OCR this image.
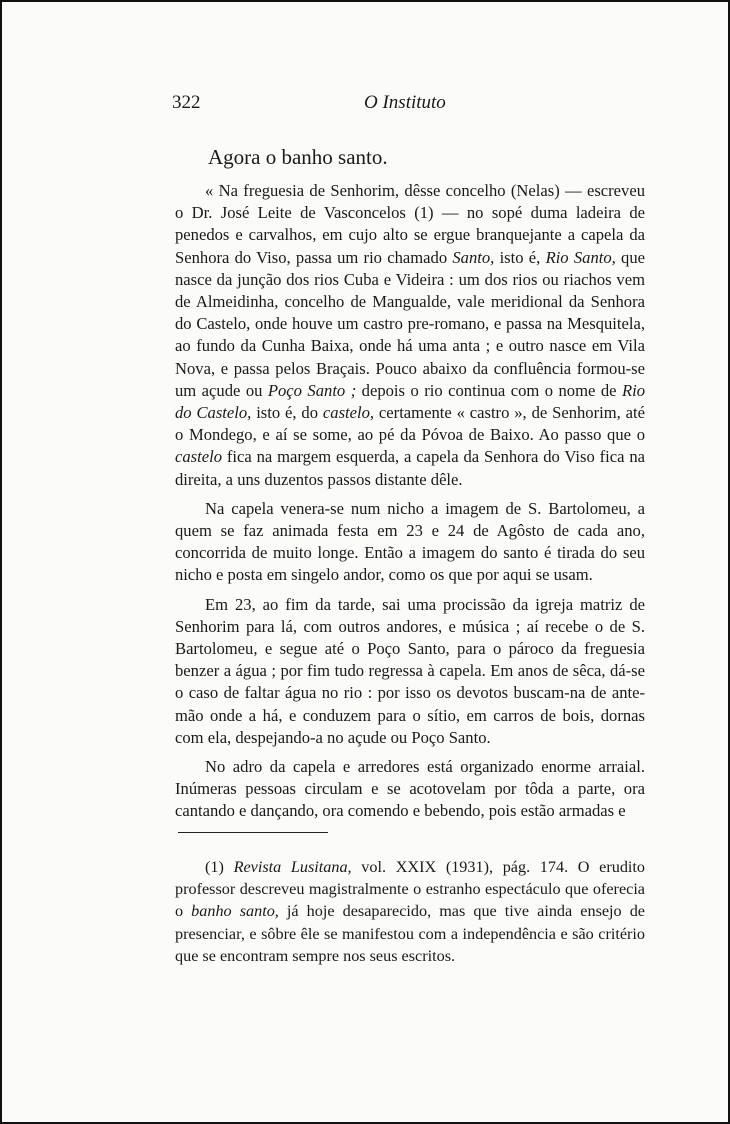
322	O Instituto
Agora o banho santo.

« Na freguesia de Senhorim, dêsse concelho (Nelas) — escreveu o Dr. José Leite de Vasconcelos (1) — no sopé duma ladeira de penedos e carvalhos, em cujo alto se ergue branquejante a capela da Senhora do Viso, passa um rio chamado Santo, isto é, Rio Santo, que nasce da junção dos rios Cuba e Videira : um dos rios ou riachos vem de Almeidinha, concelho de Mangualde, vale meridional da Senhora do Castelo, onde houve um castro pre-romano, e passa na Mesquitela, ao fundo da Cunha Baixa, onde há uma anta ; e outro nasce em Vila Nova, e passa pelos Braçais. Pouco abaixo da confluência formou-se um açude ou Poço Santo ; depois o rio continua com o nome de Rio do Castelo, isto é, do castelo, certamente « castro », de Senhorim, até o Mondego, e aí se some, ao pé da Póvoa de Baixo. Ao passo que o castelo fica na margem esquerda, a capela da Senhora do Viso fica na direita, a uns duzentos passos distante dêle.

Na capela venera-se num nicho a imagem de S. Bartolomeu, a quem se faz animada festa em 23 e 24 de Agôsto de cada ano, concorrida de muito longe. Então a imagem do santo é tirada do seu nicho e posta em singelo andor, como os que por aqui se usam.

Em 23, ao fim da tarde, sai uma procissão da igreja matriz de Senhorim para lá, com outros andores, e música ; aí recebe o de S. Bartolomeu, e segue até o Poço Santo, para o pároco da freguesia benzer a água ; por fim tudo regressa à capela. Em anos de sêca, dá-se o caso de faltar água no rio : por isso os devotos buscam-na de ante-mão onde a há, e conduzem para o sítio, em carros de bois, dornas com ela, despejando-a no açude ou Poço Santo.

No adro da capela e arredores está organizado enorme arraial. Inúmeras pessoas circulam e se acotovelam por tôda a parte, ora cantando e dançando, ora comendo e bebendo, pois estão armadas e

(1) Revista Lusitana, vol. XXIX (1931), pág. 174. O erudito professor descreveu magistralmente o estranho espectáculo que oferecia o banho santo, já hoje desaparecido, mas que tive ainda ensejo de presenciar, e sôbre êle se manifestou com a independência e são critério que se encontram sempre nos seus escritos.
